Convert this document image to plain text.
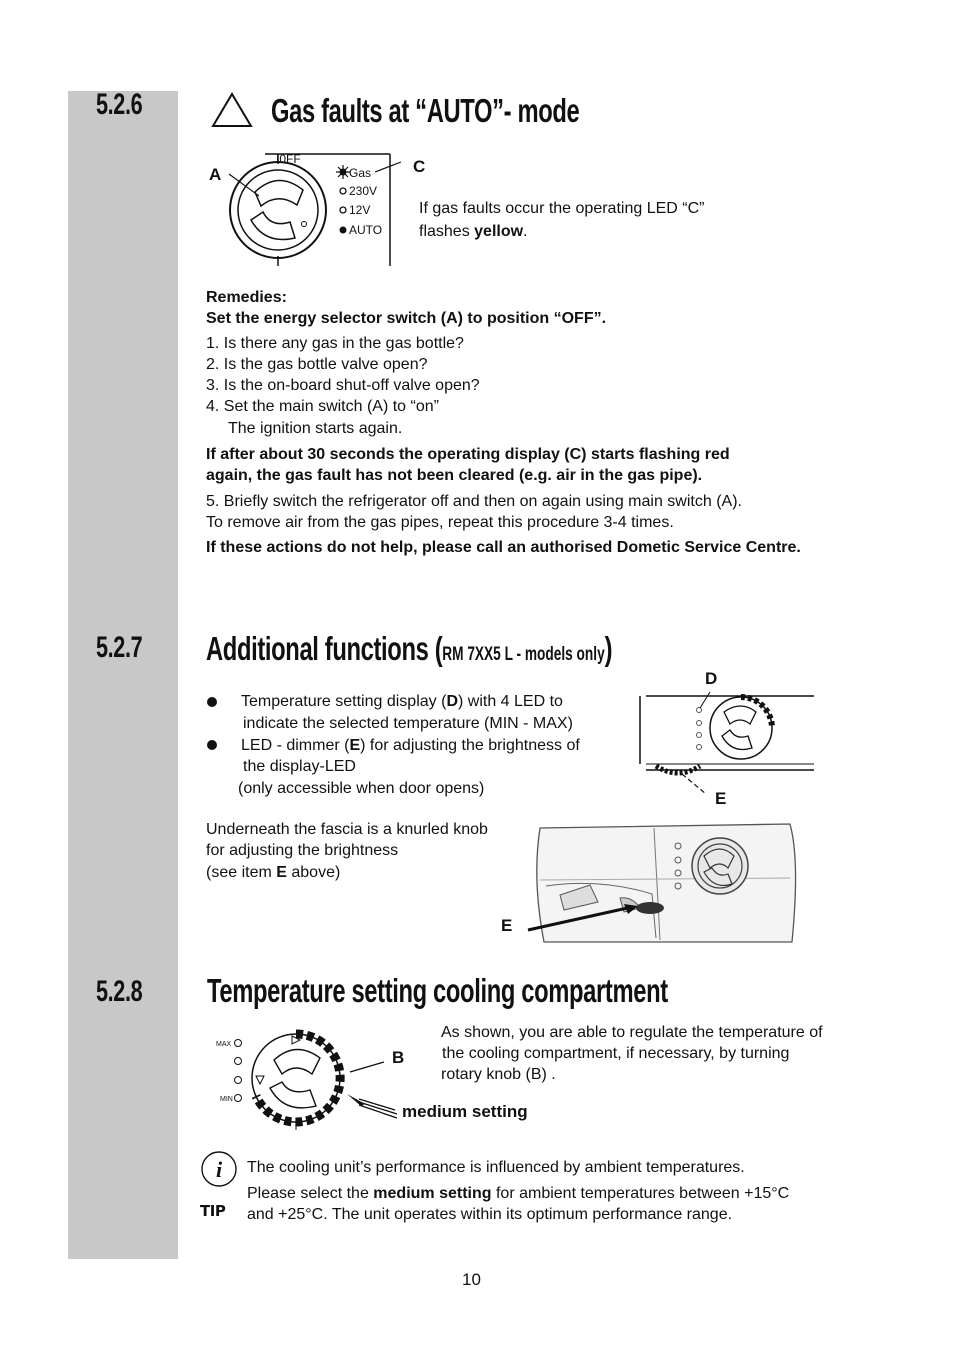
5.2.6	Gas faults at “AUTO”- mode
I0FF
Gas
230V
12V
AUTO
A	C
If gas faults occur the operating LED “C”
flashes yellow.
Remedies:
Set the energy selector switch (A) to position “OFF”.
1. Is there any gas in the gas bottle?
2. Is the gas bottle valve open?
3. Is the on-board shut-off valve open?
4. Set the main switch (A) to “on”
The ignition starts again.
If after about 30 seconds the operating display (C) starts flashing red
again, the gas fault has not been cleared (e.g. air in the gas pipe).
5. Briefly switch the refrigerator off and then on again using main switch (A).
To remove air from the gas pipes, repeat this procedure 3-4 times.
If these actions do not help, please call an authorised Dometic Service Centre.
5.2.7 Additional functions (RM 7XX5 L - models only)
Temperature setting display (D) with 4 LED to
indicate the selected temperature (MIN - MAX)
LED - dimmer (E) for adjusting the brightness of
the display-LED
(only accessible when door opens)
D
E
Underneath the fascia is a knurled knob
for adjusting the brightness
(see item E above)
E
5.2.8 Temperature setting cooling compartment
MAX
MIN
B
medium setting
As shown, you are able to regulate the temperature of
the cooling compartment, if necessary, by turning
rotary knob (B) .
i
TIP
The cooling unit’s performance is influenced by ambient temperatures.
Please select the medium setting for ambient temperatures between +15°C
and +25°C. The unit operates within its optimum performance range.
10
